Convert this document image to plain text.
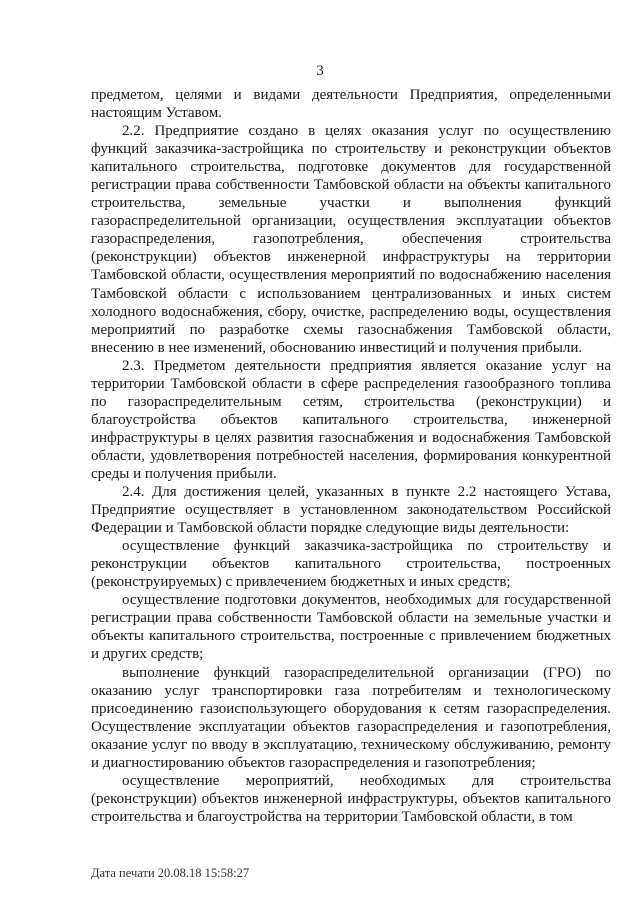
3

предметом, целями и видами деятельности Предприятия, определенными настоящим Уставом.

2.2. Предприятие создано в целях оказания услуг по осуществлению функций заказчика-застройщика по строительству и реконструкции объектов капитального строительства, подготовке документов для государственной регистрации права собственности Тамбовской области на объекты капитального строительства, земельные участки и выполнения функций газораспределительной организации, осуществления эксплуатации объектов газораспределения, газопотребления, обеспечения строительства (реконструкции) объектов инженерной инфраструктуры на территории Тамбовской области, осуществления мероприятий по водоснабжению населения Тамбовской области с использованием централизованных и иных систем холодного водоснабжения, сбору, очистке, распределению воды, осуществления мероприятий по разработке схемы газоснабжения Тамбовской области, внесению в нее изменений, обоснованию инвестиций и получения прибыли.

2.3. Предметом деятельности предприятия является оказание услуг на территории Тамбовской области в сфере распределения газообразного топлива по газораспределительным сетям, строительства (реконструкции) и благоустройства объектов капитального строительства, инженерной инфраструктуры в целях развития газоснабжения и водоснабжения Тамбовской области, удовлетворения потребностей населения, формирования конкурентной среды и получения прибыли.

2.4. Для достижения целей, указанных в пункте 2.2 настоящего Устава, Предприятие осуществляет в установленном законодательством Российской Федерации и Тамбовской области порядке следующие виды деятельности:

осуществление функций заказчика-застройщика по строительству и реконструкции объектов капитального строительства, построенных (реконструируемых) с привлечением бюджетных и иных средств;

осуществление подготовки документов, необходимых для государственной регистрации права собственности Тамбовской области на земельные участки и объекты капитального строительства, построенные с привлечением бюджетных и других средств;

выполнение функций газораспределительной организации (ГРО) по оказанию услуг транспортировки газа потребителям и технологическому присоединению газоиспользующего оборудования к сетям газораспределения. Осуществление эксплуатации объектов газораспределения и газопотребления, оказание услуг по вводу в эксплуатацию, техническому обслуживанию, ремонту и диагностированию объектов газораспределения и газопотребления;

осуществление мероприятий, необходимых для строительства (реконструкции) объектов инженерной инфраструктуры, объектов капитального строительства и благоустройства на территории Тамбовской области, в том

Дата печати 20.08.18 15:58:27
